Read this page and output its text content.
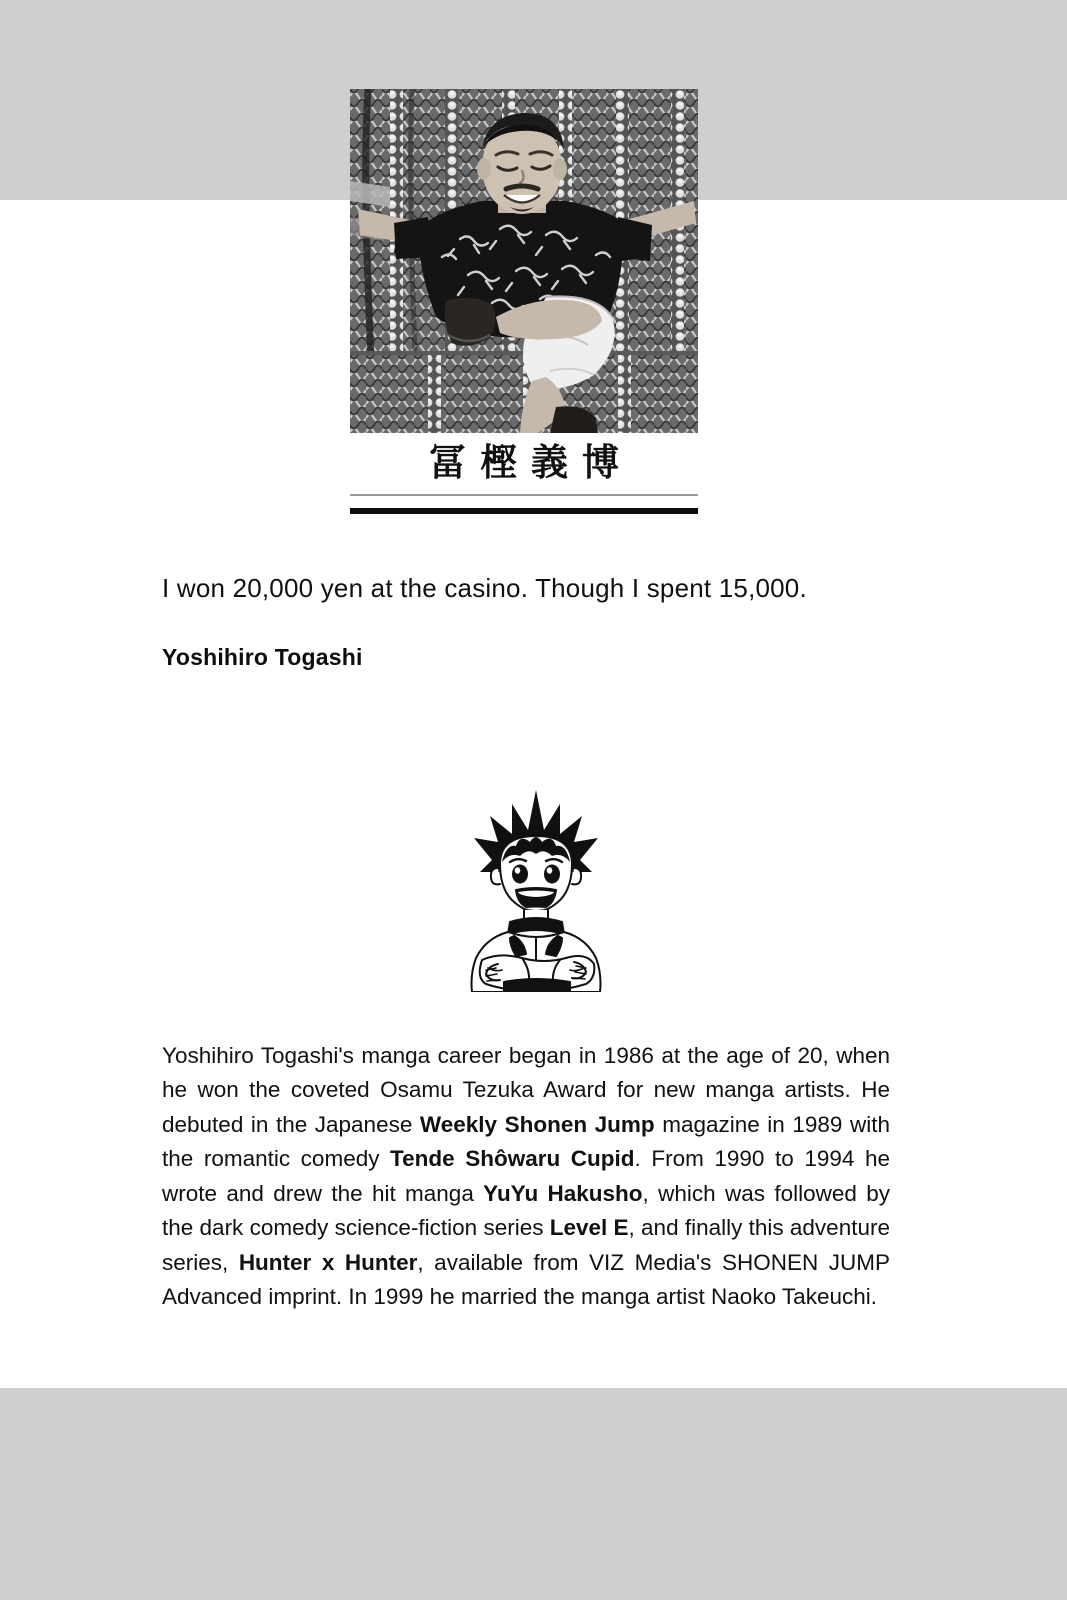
冨樫義博
I won 20,000 yen at the casino. Though I spent 15,000.
Yoshihiro Togashi

Yoshihiro Togashi's manga career began in 1986 at the age of 20, when he won the coveted Osamu Tezuka Award for new manga artists. He debuted in the Japanese Weekly Shonen Jump magazine in 1989 with the romantic comedy Tende Shôwaru Cupid. From 1990 to 1994 he wrote and drew the hit manga YuYu Hakusho, which was followed by the dark comedy science-fiction series Level E, and finally this adventure series, Hunter x Hunter, available from VIZ Media's SHONEN JUMP Advanced imprint. In 1999 he married the manga artist Naoko Takeuchi.
